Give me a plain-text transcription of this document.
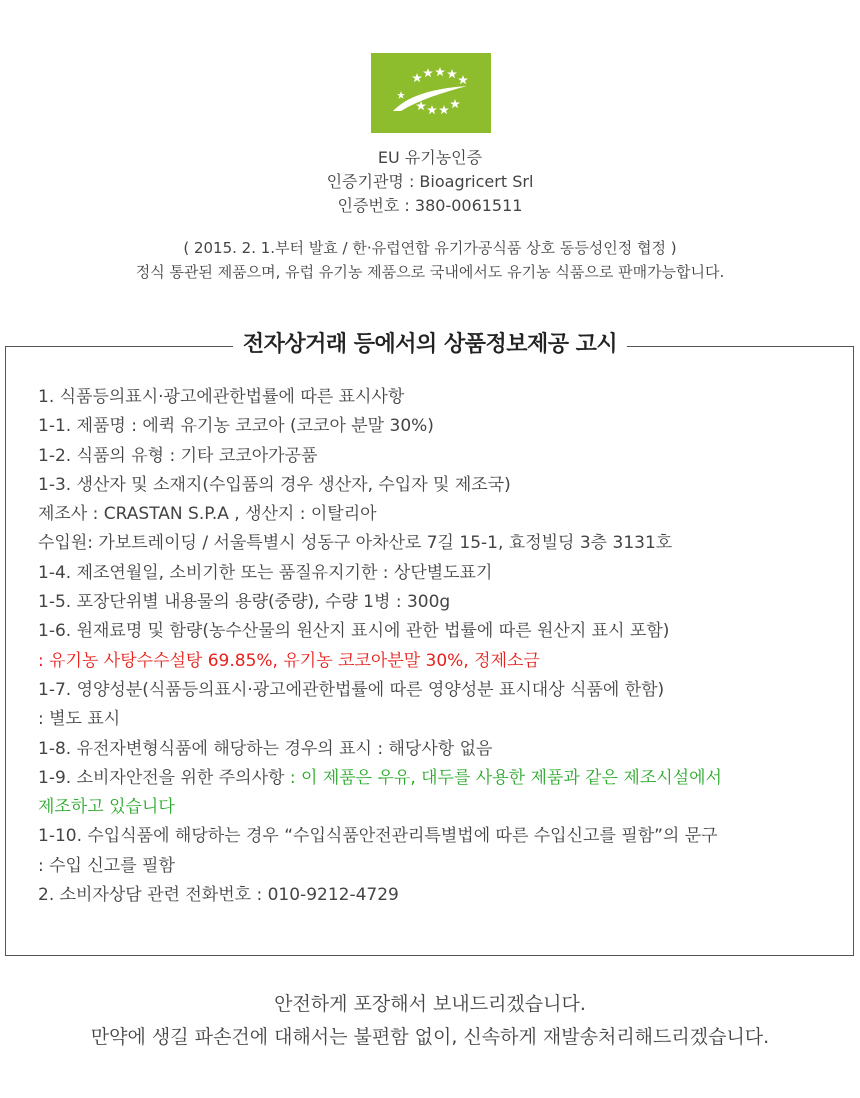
EU 유기농인증
인증기관명 : Bioagricert Srl
인증번호 : 380-0061511
( 2015. 2. 1.부터 발효 / 한·유럽연합 유기가공식품 상호 동등성인정 협정 )
정식 통관된 제품으며, 유럽 유기농 제품으로 국내에서도 유기농 식품으로 판매가능합니다.
전자상거래 등에서의 상품정보제공 고시
1. 식품등의표시·광고에관한법률에 따른 표시사항
1-1. 제품명 : 에퀵 유기농 코코아 (코코아 분말 30%)
1-2. 식품의 유형 : 기타 코코아가공품
1-3. 생산자 및 소재지(수입품의 경우 생산자, 수입자 및 제조국)
제조사 : CRASTAN S.P.A , 생산지 : 이탈리아
수입원: 가보트레이딩 / 서울특별시 성동구 아차산로 7길 15-1, 효정빌딩 3층 3131호
1-4. 제조연월일, 소비기한 또는 품질유지기한 : 상단별도표기
1-5. 포장단위별 내용물의 용량(중량), 수량 1병 : 300g
1-6. 원재료명 및 함량(농수산물의 원산지 표시에 관한 법률에 따른 원산지 표시 포함)
: 유기농 사탕수수설탕 69.85%, 유기농 코코아분말 30%, 정제소금
1-7. 영양성분(식품등의표시·광고에관한법률에 따른 영양성분 표시대상 식품에 한함)
: 별도 표시
1-8. 유전자변형식품에 해당하는 경우의 표시 : 해당사항 없음
1-9. 소비자안전을 위한 주의사항 : 이 제품은 우유, 대두를 사용한 제품과 같은 제조시설에서
제조하고 있습니다
1-10. 수입식품에 해당하는 경우 “수입식품안전관리특별법에 따른 수입신고를 필함”의 문구
: 수입 신고를 필함
2. 소비자상담 관련 전화번호 : 010-9212-4729
안전하게 포장해서 보내드리겠습니다.
만약에 생길 파손건에 대해서는 불편함 없이, 신속하게 재발송처리해드리겠습니다.
